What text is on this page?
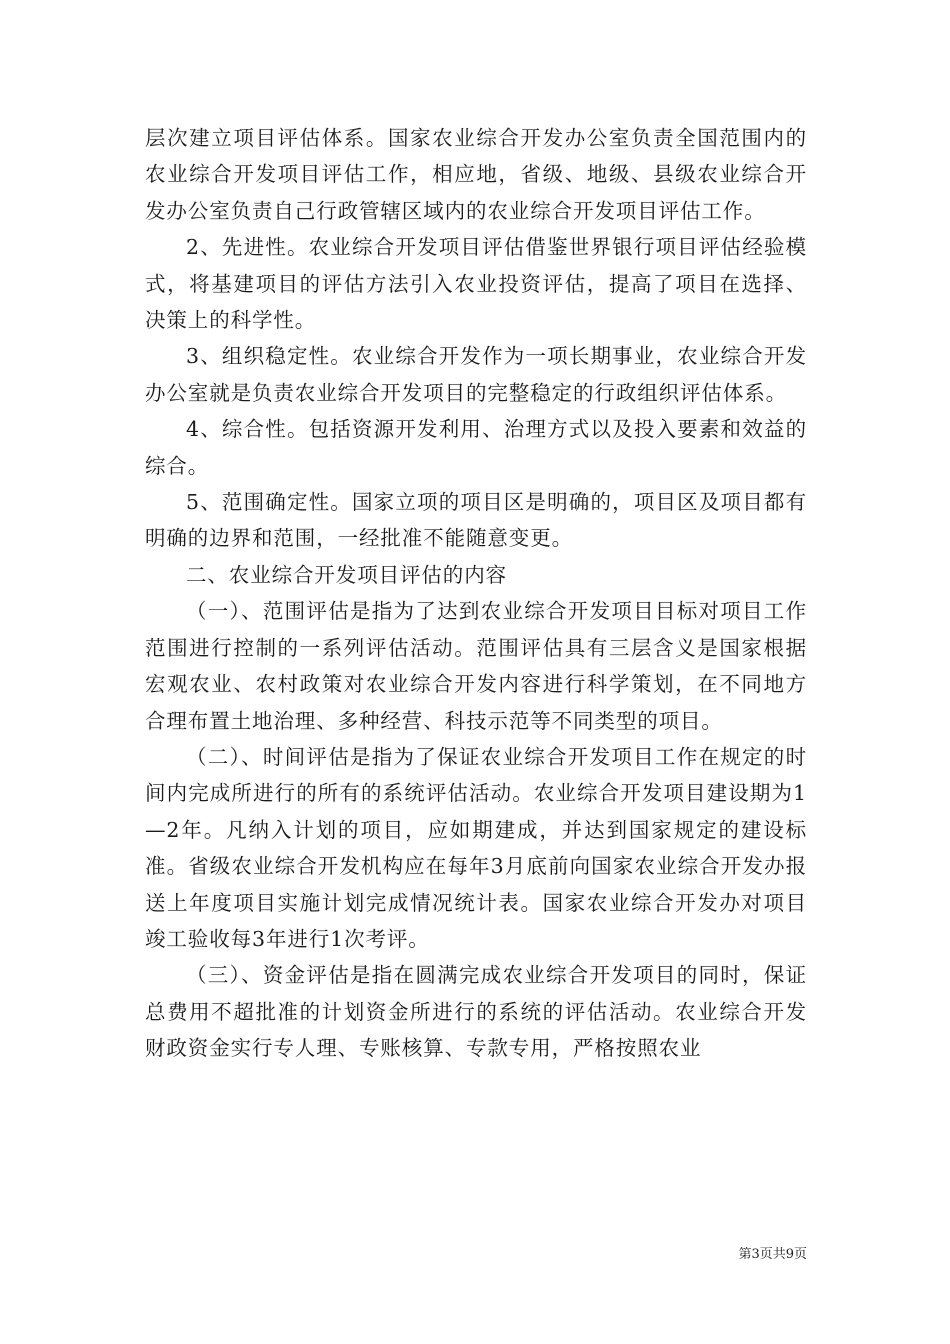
层次建立项目评估体系。国家农业综合开发办公室负责全国范围内的农业综合开发项目评估工作，相应地，省级、地级、县级农业综合开发办公室负责自己行政管辖区域内的农业综合开发项目评估工作。

2、先进性。农业综合开发项目评估借鉴世界银行项目评估经验模式，将基建项目的评估方法引入农业投资评估，提高了项目在选择、决策上的科学性。

3、组织稳定性。农业综合开发作为一项长期事业，农业综合开发办公室就是负责农业综合开发项目的完整稳定的行政组织评估体系。

4、综合性。包括资源开发利用、治理方式以及投入要素和效益的综合。

5、范围确定性。国家立项的项目区是明确的，项目区及项目都有明确的边界和范围，一经批准不能随意变更。

二、农业综合开发项目评估的内容

（一）、范围评估是指为了达到农业综合开发项目目标对项目工作范围进行控制的一系列评估活动。范围评估具有三层含义是国家根据宏观农业、农村政策对农业综合开发内容进行科学策划，在不同地方合理布置土地治理、多种经营、科技示范等不同类型的项目。

（二）、时间评估是指为了保证农业综合开发项目工作在规定的时间内完成所进行的所有的系统评估活动。农业综合开发项目建设期为1—2年。凡纳入计划的项目，应如期建成，并达到国家规定的建设标准。省级农业综合开发机构应在每年3月底前向国家农业综合开发办报送上年度项目实施计划完成情况统计表。国家农业综合开发办对项目竣工验收每3年进行1次考评。

（三）、资金评估是指在圆满完成农业综合开发项目的同时，保证总费用不超批准的计划资金所进行的系统的评估活动。农业综合开发财政资金实行专人理、专账核算、专款专用，严格按照农业

第3页共9页
